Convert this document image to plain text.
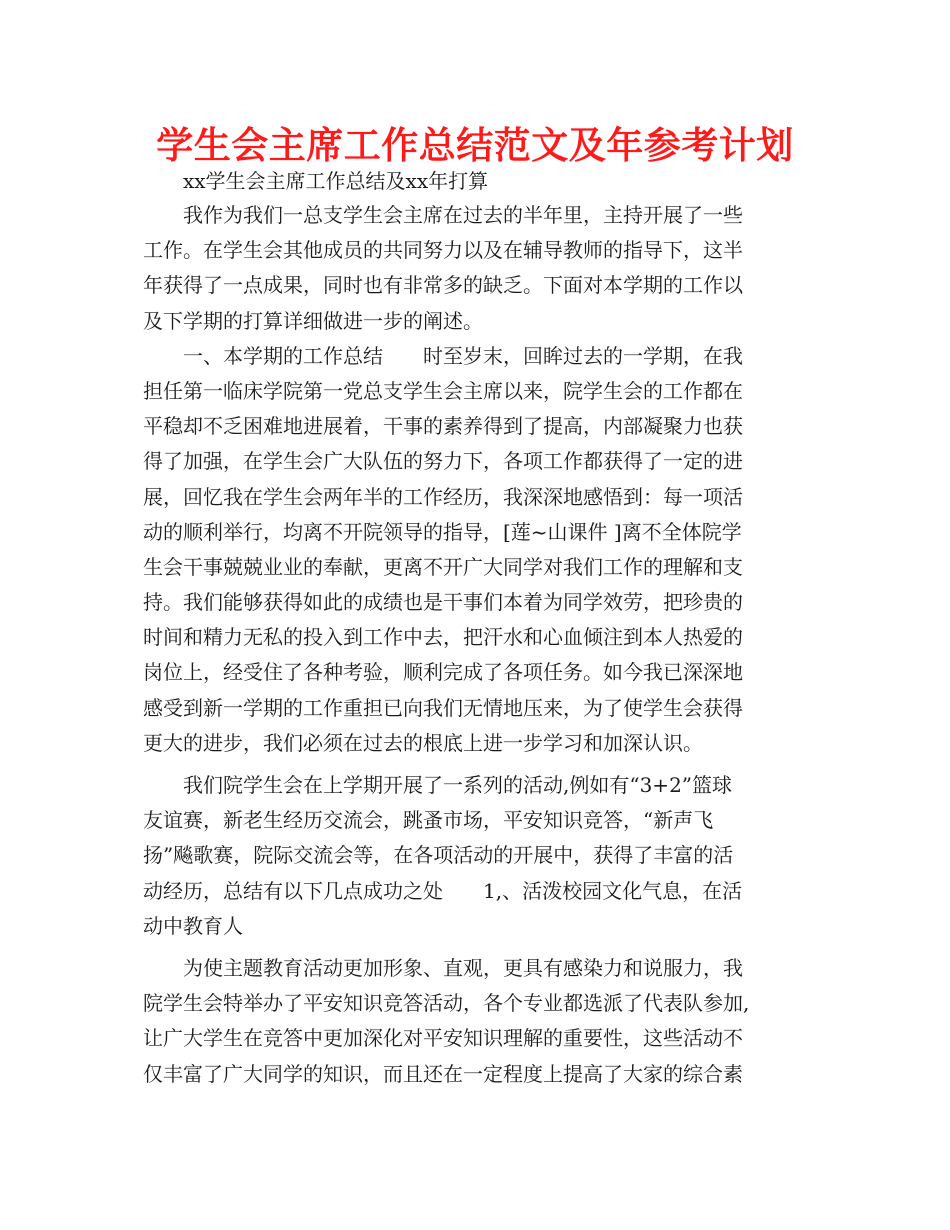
学生会主席工作总结范文及年参考计划
xx学生会主席工作总结及xx年打算
我作为我们一总支学生会主席在过去的半年里，主持开展了一些
工作。在学生会其他成员的共同努力以及在辅导教师的指导下，这半
年获得了一点成果，同时也有非常多的缺乏。下面对本学期的工作以
及下学期的打算详细做进一步的阐述。
一、本学期的工作总结　　时至岁末，回眸过去的一学期，在我
担任第一临床学院第一党总支学生会主席以来，院学生会的工作都在
平稳却不乏困难地进展着，干事的素养得到了提高，内部凝聚力也获
得了加强，在学生会广大队伍的努力下，各项工作都获得了一定的进
展，回忆我在学生会两年半的工作经历，我深深地感悟到：每一项活
动的顺利举行，均离不开院领导的指导，[莲~山课件 ]离不全体院学
生会干事兢兢业业的奉献，更离不开广大同学对我们工作的理解和支
持。我们能够获得如此的成绩也是干事们本着为同学效劳，把珍贵的
时间和精力无私的投入到工作中去，把汗水和心血倾注到本人热爱的
岗位上，经受住了各种考验，顺利完成了各项任务。如今我已深深地
感受到新一学期的工作重担已向我们无情地压来，为了使学生会获得
更大的进步，我们必须在过去的根底上进一步学习和加深认识。
我们院学生会在上学期开展了一系列的活动,例如有“3+2”篮球
友谊赛，新老生经历交流会，跳蚤市场，平安知识竞答，“新声飞
扬”飚歌赛，院际交流会等，在各项活动的开展中，获得了丰富的活
动经历，总结有以下几点成功之处　　1,、活泼校园文化气息，在活
动中教育人
为使主题教育活动更加形象、直观，更具有感染力和说服力，我
院学生会特举办了平安知识竞答活动，各个专业都选派了代表队参加,
让广大学生在竞答中更加深化对平安知识理解的重要性，这些活动不
仅丰富了广大同学的知识，而且还在一定程度上提高了大家的综合素
